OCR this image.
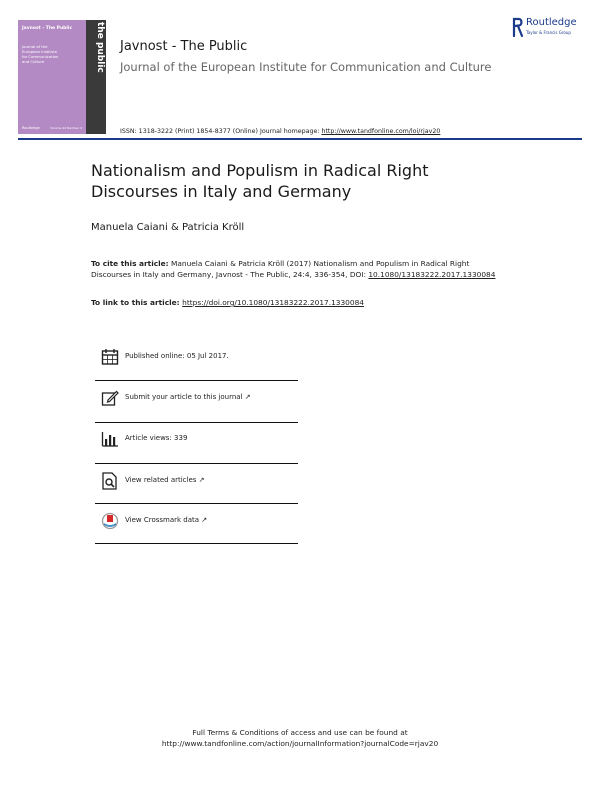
the public
Javnost - The Public
Journal of the
European Institute
for Communication
and Culture
Routledge	Volume 24 Number 4
Javnost - The Public
Journal of the European Institute for Communication and Culture
Routledge
Taylor & Francis Group
ISSN: 1318-3222 (Print) 1854-8377 (Online) Journal homepage: http://www.tandfonline.com/loi/rjav20
Nationalism and Populism in Radical Right
Discourses in Italy and Germany
Manuela Caiani & Patricia Kröll
To cite this article: Manuela Caiani & Patricia Kröll (2017) Nationalism and Populism in Radical Right Discourses in Italy and Germany, Javnost - The Public, 24:4, 336-354, DOI: 10.1080/13183222.2017.1330084
To link to this article: https://doi.org/10.1080/13183222.2017.1330084
Published online: 05 Jul 2017.
Submit your article to this journal ↗
Article views: 339
View related articles ↗
View Crossmark data ↗
Full Terms & Conditions of access and use can be found at
http://www.tandfonline.com/action/journalInformation?journalCode=rjav20
